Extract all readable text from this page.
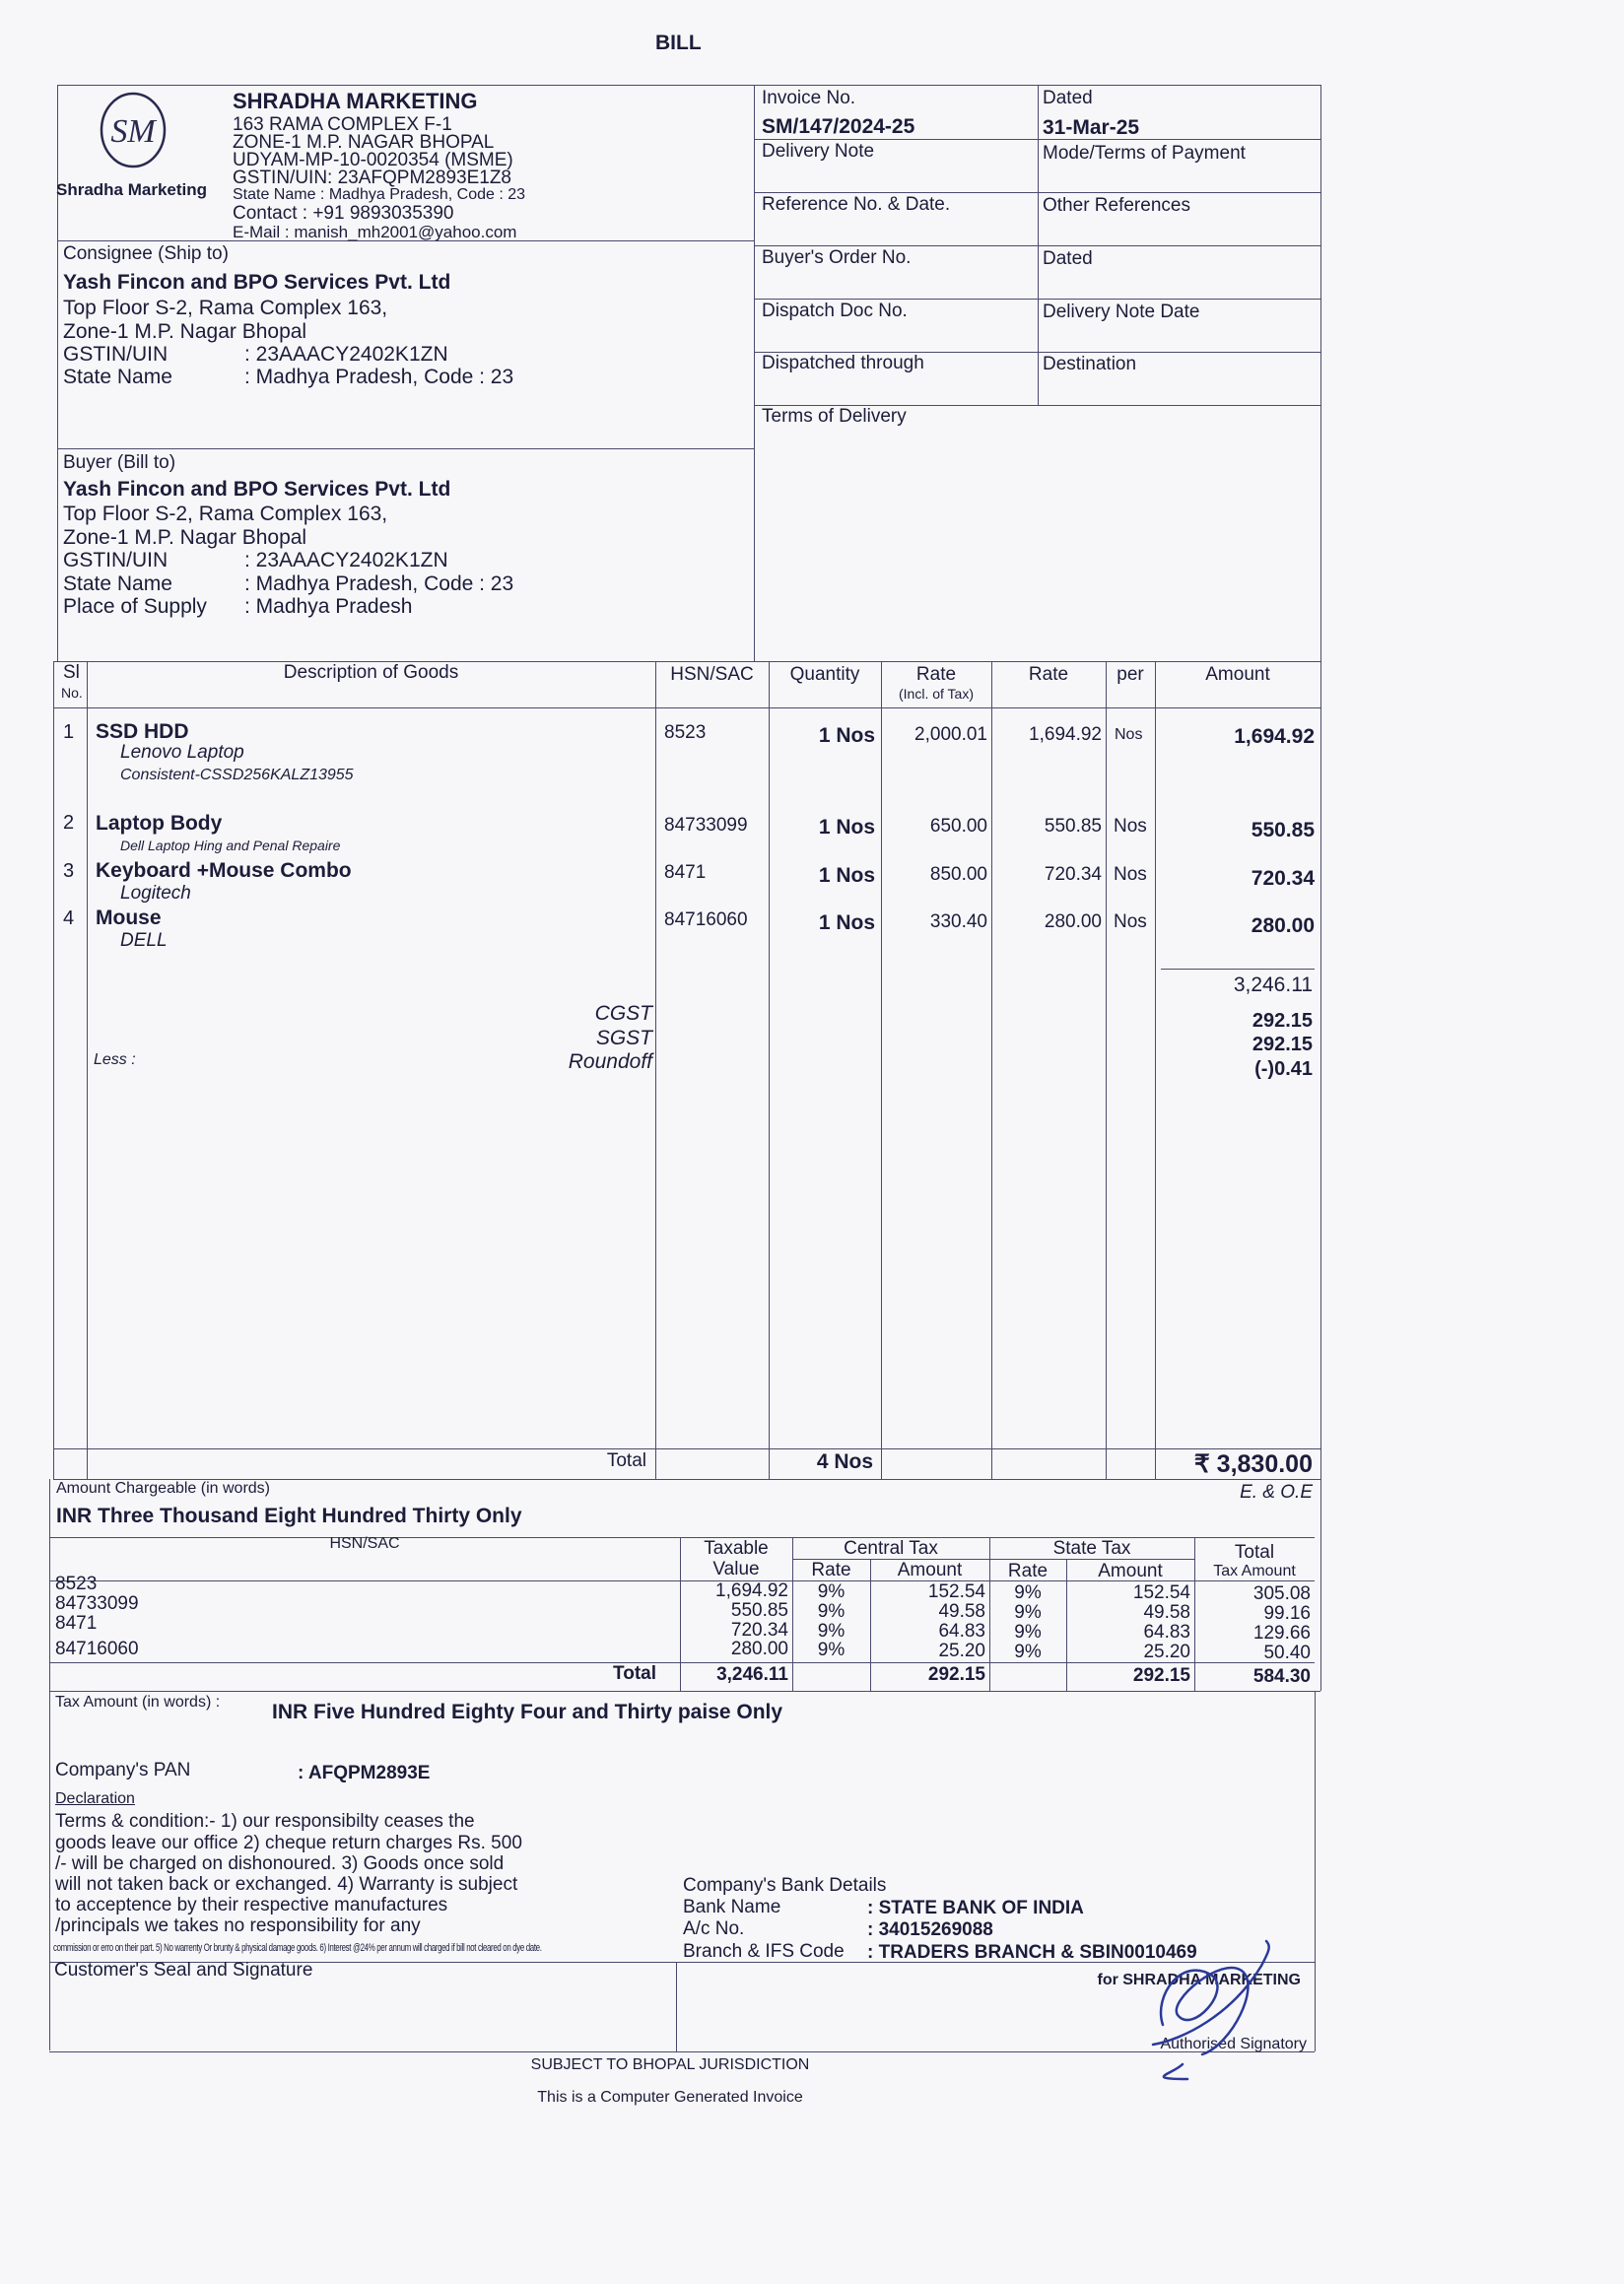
BILL
SM
Shradha Marketing
SHRADHA MARKETING
163 RAMA COMPLEX F-1
ZONE-1 M.P. NAGAR BHOPAL
UDYAM-MP-10-0020354 (MSME)
GSTIN/UIN: 23AFQPM2893E1Z8
State Name : Madhya Pradesh, Code : 23
Contact : +91 9893035390
E-Mail : manish_mh2001@yahoo.com
Consignee (Ship to)
Yash Fincon and BPO Services Pvt. Ltd
Top Floor S-2, Rama Complex 163,
Zone-1 M.P. Nagar Bhopal
GSTIN/UIN	: 23AAACY2402K1ZN
State Name	: Madhya Pradesh, Code : 23
Buyer (Bill to)
Yash Fincon and BPO Services Pvt. Ltd
Top Floor S-2, Rama Complex 163,
Zone-1 M.P. Nagar Bhopal
GSTIN/UIN	: 23AAACY2402K1ZN
State Name	: Madhya Pradesh, Code : 23
Place of Supply : Madhya Pradesh
Invoice No.
SM/147/2024-25
Dated
31-Mar-25
Delivery Note	Mode/Terms of Payment
Reference No. & Date.	Other References
Buyer's Order No.	Dated
Dispatch Doc No.	Delivery Note Date
Dispatched through	Destination
Terms of Delivery
Sl
No.
Description of Goods	HSN/SAC	Quantity	Rate
(Incl. of Tax)
Rate	per	Amount
1 SSD HDD
Lenovo Laptop
Consistent-CSSD256KALZ13955
8523	1 Nos	2,000.01	1,694.92 Nos	1,694.92
2 Laptop Body
Dell Laptop Hing and Penal Repaire
84733099	1 Nos	650.00	550.85 Nos	550.85
3 Keyboard +Mouse Combo
Logitech
8471	1 Nos	850.00	720.34 Nos	720.34
4 Mouse
DELL
84716060	1 Nos	330.40	280.00 Nos	280.00
3,246.11
CGST	292.15
SGST	292.15
Less :	Roundoff	(-)0.41
Total	4 Nos	₹ 3,830.00
Amount Chargeable (in words)	E. & O.E
INR Three Thousand Eight Hundred Thirty Only
HSN/SAC	Taxable
Value
Central Tax	State Tax	Total
Tax Amount
Rate	Amount	Rate	Amount
8523	1,694.92	9%	152.54	9%	152.54	305.08
84733099	550.85	9%	49.58	9%	49.58	99.16
8471	720.34	9%	64.83	9%	64.83	129.66
84716060	280.00	9%	25.20	9%	25.20	50.40
Total	3,246.11	292.15	292.15	584.30
Tax Amount (in words) :	INR Five Hundred Eighty Four and Thirty paise Only
Company's PAN	: AFQPM2893E
Declaration
Terms & condition:- 1) our responsibilty ceases the
goods leave our office 2) cheque return charges Rs. 500
/- will be charged on dishonoured. 3) Goods once sold
will not taken back or exchanged. 4) Warranty is subject
to acceptence by their respective manufactures
/principals we takes no responsibility for any
commission or erro on their part. 5) No warrenty Or brunty & physical damage goods. 6) Interest @24% per annum will charged if bill not cleared on dye date.
Company's Bank Details
Bank Name	: STATE BANK OF INDIA
A/c No.	: 34015269088
Branch & IFS Code : TRADERS BRANCH & SBIN0010469
Customer's Seal and Signature	for SHRADHA MARKETING
Authorised Signatory
SUBJECT TO BHOPAL JURISDICTION
This is a Computer Generated Invoice
